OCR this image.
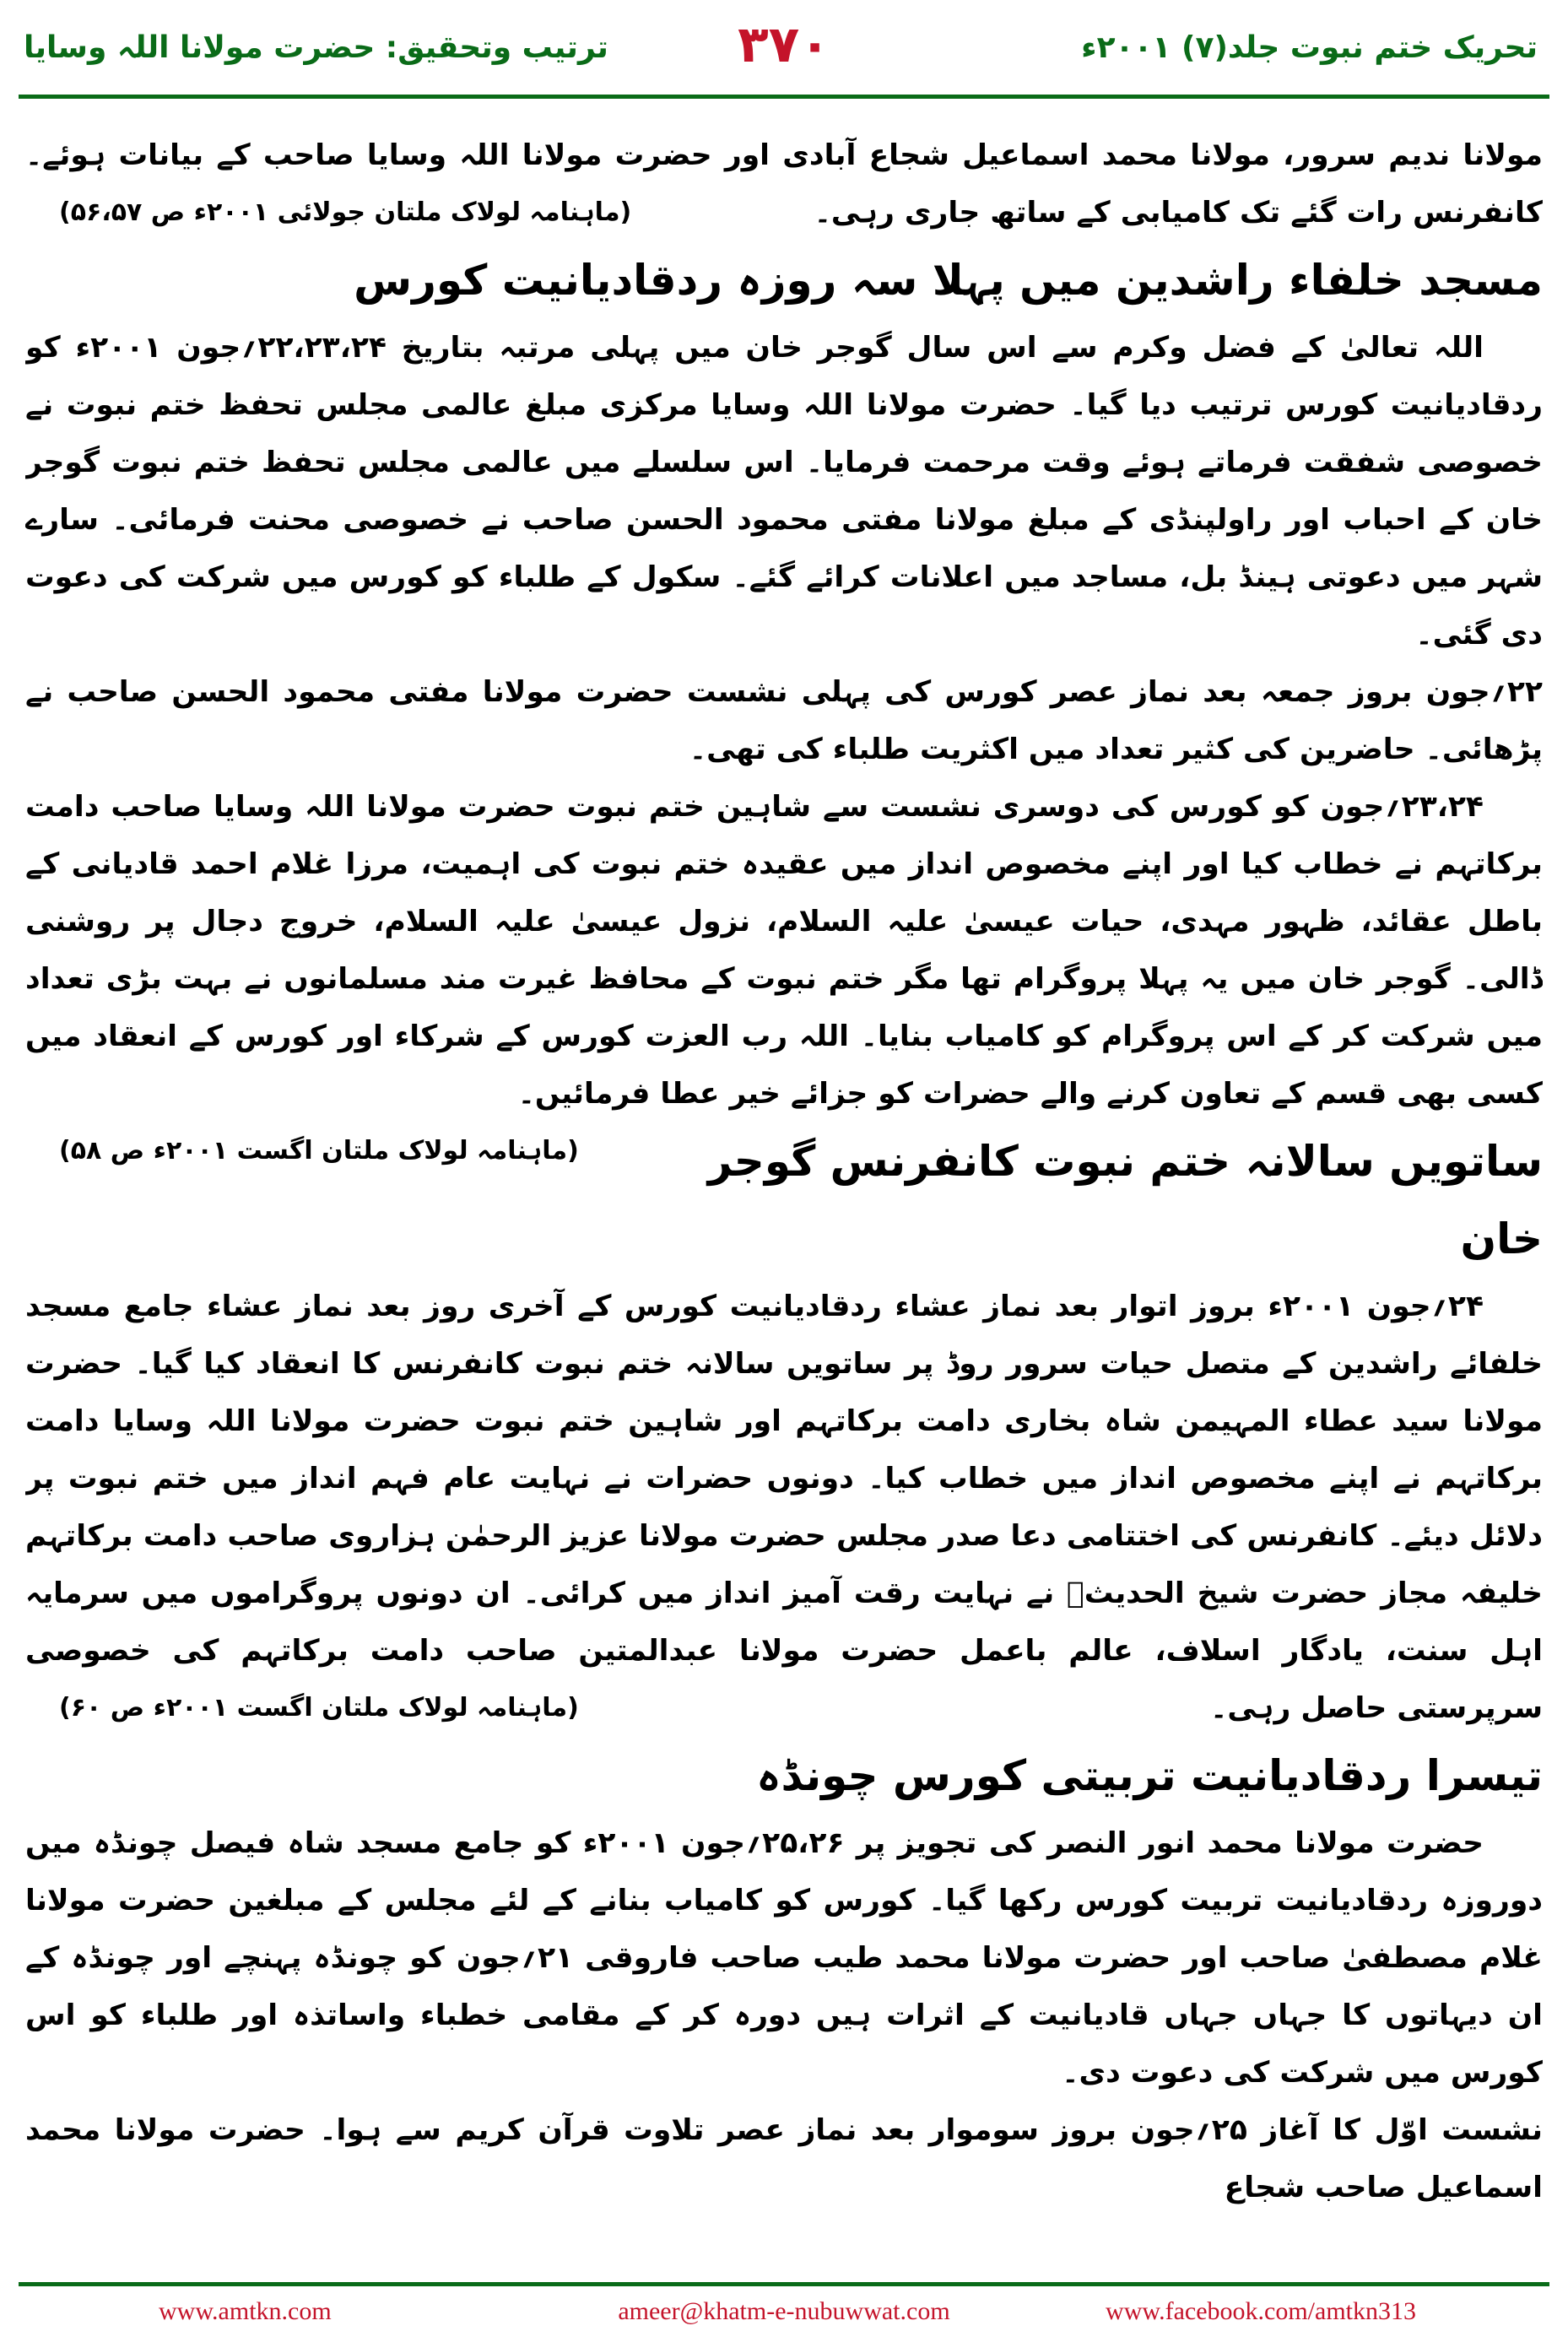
تحریک ختم نبوت جلد(۷) ۲۰۰۱ء
۳۷۰
ترتیب وتحقیق: حضرت مولانا اللہ وسایا

مولانا ندیم سرور، مولانا محمد اسماعیل شجاع آبادی اور حضرت مولانا اللہ وسایا صاحب کے بیانات ہوئے۔ کانفرنس رات گئے تک کامیابی کے ساتھ جاری رہی۔
(ماہنامہ لولاک ملتان جولائی ۲۰۰۱ء ص ۵۶،۵۷)

مسجد خلفاء راشدین میں پہلا سہ روزہ ردقادیانیت کورس

اللہ تعالیٰ کے فضل وکرم سے اس سال گوجر خان میں پہلی مرتبہ بتاریخ ۲۲،۲۳،۲۴؍جون ۲۰۰۱ء کو ردقادیانیت کورس ترتیب دیا گیا۔ حضرت مولانا اللہ وسایا مرکزی مبلغ عالمی مجلس تحفظ ختم نبوت نے خصوصی شفقت فرماتے ہوئے وقت مرحمت فرمایا۔ اس سلسلے میں عالمی مجلس تحفظ ختم نبوت گوجر خان کے احباب اور راولپنڈی کے مبلغ مولانا مفتی محمود الحسن صاحب نے خصوصی محنت فرمائی۔ سارے شہر میں دعوتی ہینڈ بل، مساجد میں اعلانات کرائے گئے۔ سکول کے طلباء کو کورس میں شرکت کی دعوت دی گئی۔

۲۲؍جون بروز جمعہ بعد نماز عصر کورس کی پہلی نشست حضرت مولانا مفتی محمود الحسن صاحب نے پڑھائی۔ حاضرین کی کثیر تعداد میں اکثریت طلباء کی تھی۔

۲۳،۲۴؍جون کو کورس کی دوسری نشست سے شاہین ختم نبوت حضرت مولانا اللہ وسایا صاحب دامت برکاتہم نے خطاب کیا اور اپنے مخصوص انداز میں عقیدہ ختم نبوت کی اہمیت، مرزا غلام احمد قادیانی کے باطل عقائد، ظہور مہدی، حیات عیسیٰ علیہ السلام، نزول عیسیٰ علیہ السلام، خروج دجال پر روشنی ڈالی۔ گوجر خان میں یہ پہلا پروگرام تھا مگر ختم نبوت کے محافظ غیرت مند مسلمانوں نے بہت بڑی تعداد میں شرکت کر کے اس پروگرام کو کامیاب بنایا۔ اللہ رب العزت کورس کے شرکاء اور کورس کے انعقاد میں کسی بھی قسم کے تعاون کرنے والے حضرات کو جزائے خیر عطا فرمائیں۔
(ماہنامہ لولاک ملتان اگست ۲۰۰۱ء ص ۵۸)	ساتویں سالانہ ختم نبوت کانفرنس گوجر خان

۲۴؍جون ۲۰۰۱ء بروز اتوار بعد نماز عشاء ردقادیانیت کورس کے آخری روز بعد نماز عشاء جامع مسجد خلفائے راشدین کے متصل حیات سرور روڈ پر ساتویں سالانہ ختم نبوت کانفرنس کا انعقاد کیا گیا۔ حضرت مولانا سید عطاء المہیمن شاہ بخاری دامت برکاتہم اور شاہین ختم نبوت حضرت مولانا اللہ وسایا دامت برکاتہم نے اپنے مخصوص انداز میں خطاب کیا۔ دونوں حضرات نے نہایت عام فہم انداز میں ختم نبوت پر دلائل دیئے۔ کانفرنس کی اختتامی دعا صدر مجلس حضرت مولانا عزیز الرحمٰن ہزاروی صاحب دامت برکاتہم خلیفہ مجاز حضرت شیخ الحدیثؒ نے نہایت رقت آمیز انداز میں کرائی۔ ان دونوں پروگراموں میں سرمایہ اہل سنت، یادگار اسلاف، عالم باعمل حضرت مولانا عبدالمتین صاحب دامت برکاتہم کی خصوصی سرپرستی حاصل رہی۔
(ماہنامہ لولاک ملتان اگست ۲۰۰۱ء ص ۶۰)

تیسرا ردقادیانیت تربیتی کورس چونڈہ

حضرت مولانا محمد انور النصر کی تجویز پر ۲۵،۲۶؍جون ۲۰۰۱ء کو جامع مسجد شاہ فیصل چونڈہ میں دوروزہ ردقادیانیت تربیت کورس رکھا گیا۔ کورس کو کامیاب بنانے کے لئے مجلس کے مبلغین حضرت مولانا غلام مصطفیٰ صاحب اور حضرت مولانا محمد طیب صاحب فاروقی ۲۱؍جون کو چونڈہ پہنچے اور چونڈہ کے ان دیہاتوں کا جہاں جہاں قادیانیت کے اثرات ہیں دورہ کر کے مقامی خطباء واساتذہ اور طلباء کو اس کورس میں شرکت کی دعوت دی۔

نشست اوّل کا آغاز ۲۵؍جون بروز سوموار بعد نماز عصر تلاوت قرآن کریم سے ہوا۔ حضرت مولانا محمد اسماعیل صاحب شجاع

www.amtkn.com	ameer@khatm-e-nubuwwat.com	www.facebook.com/amtkn313
